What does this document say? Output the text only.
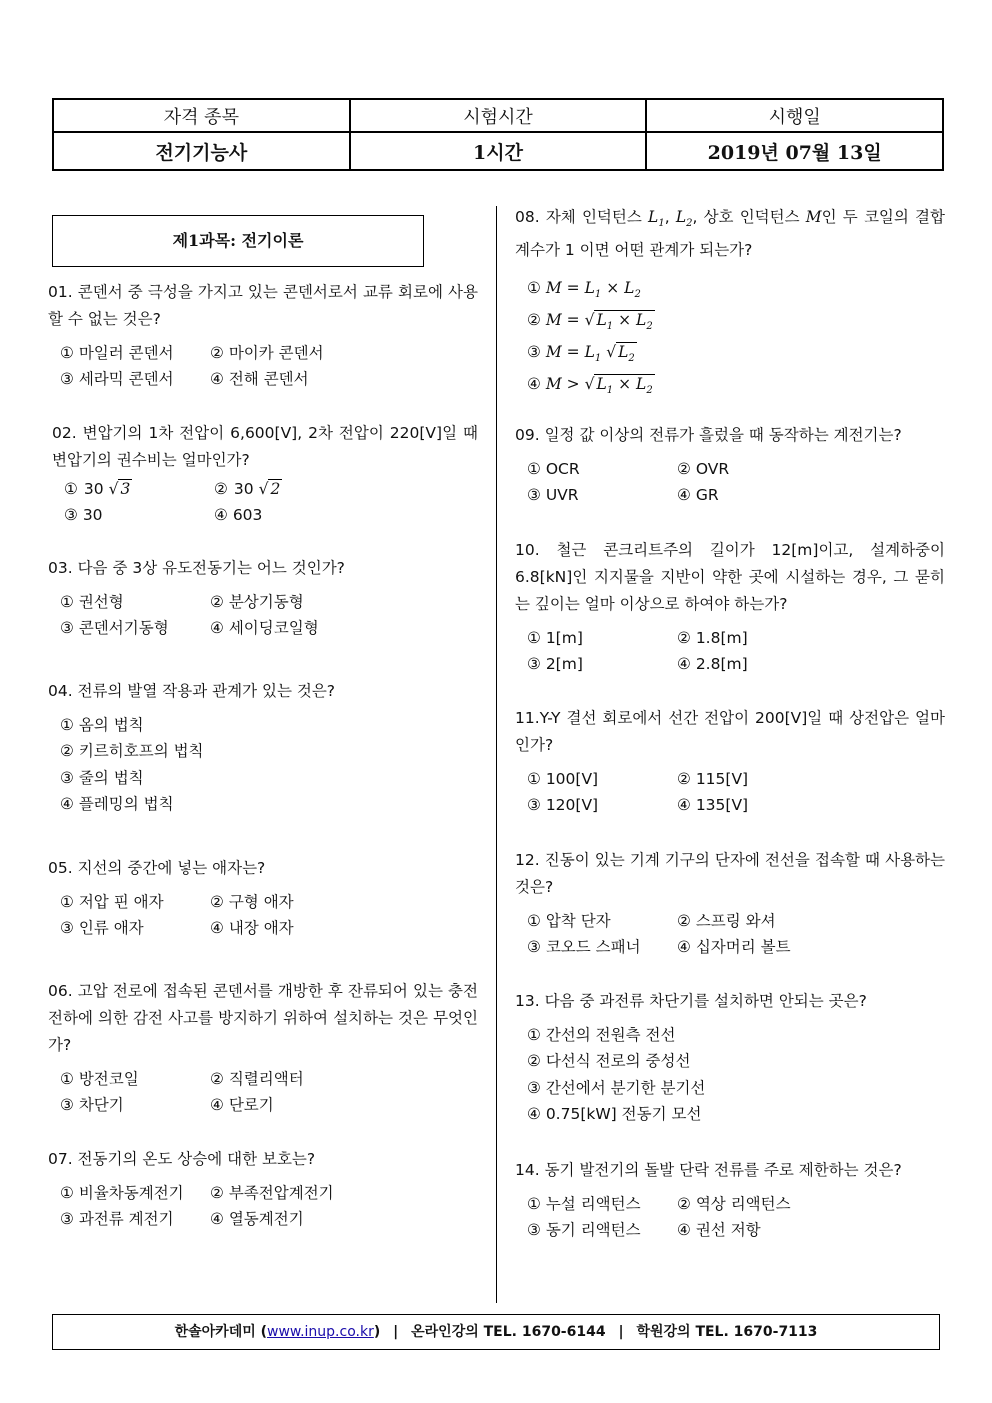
자격 종목	시험시간	시행일
전기기능사	1시간	2019년 07월 13일
제1과목: 전기이론
01. 콘덴서 중 극성을 가지고 있는 콘덴서로서 교류 회로에 사용할 수 없는 것은?
① 마일러 콘덴서	② 마이카 콘덴서
③ 세라믹 콘덴서	④ 전해 콘덴서
02. 변압기의 1차 전압이 6,600[V], 2차 전압이 220[V]일 때 변압기의 권수비는 얼마인가?
① 30 √ 3	② 30 √ 2
③ 30	④ 603
03. 다음 중 3상 유도전동기는 어느 것인가?
① 권선형	② 분상기동형
③ 콘덴서기동형	④ 세이딩코일형
04. 전류의 발열 작용과 관계가 있는 것은?
① 옴의 법칙
② 키르히호프의 법칙
③ 줄의 법칙
④ 플레밍의 법칙
05. 지선의 중간에 넣는 애자는?
① 저압 핀 애자	② 구형 애자
③ 인류 애자	④ 내장 애자
06. 고압 전로에 접속된 콘덴서를 개방한 후 잔류되어 있는 충전전하에 의한 감전 사고를 방지하기 위하여 설치하는 것은 무엇인가?
① 방전코일	② 직렬리액터
③ 차단기	④ 단로기
07. 전동기의 온도 상승에 대한 보호는?
① 비율차동계전기	② 부족전압계전기
③ 과전류 계전기	④ 열동계전기
08. 자체 인덕턴스 $L_1$, $L_2$, 상호 인덕턴스 M인 두 코일의 결합 계수가 1 이면 어떤 관계가 되는가?
① $M = L_1 \times L_2$
② M = √ $L_1 \times L_2$
③ $M = L_1$ √ $L_2$
④ M > √ $L_1 \times L_2$
09. 일정 값 이상의 전류가 흘렀을 때 동작하는 계전기는?
① OCR	② OVR
③ UVR	④ GR
10. 철근 콘크리트주의 길이가 12[m]이고, 설계하중이 6.8[kN]인 지지물을 지반이 약한 곳에 시설하는 경우, 그 묻히는 깊이는 얼마 이상으로 하여야 하는가?
① 1[m]	② 1.8[m]
③ 2[m]	④ 2.8[m]
11.Y-Y 결선 회로에서 선간 전압이 200[V]일 때 상전압은 얼마인가?
① 100[V]	② 115[V]
③ 120[V]	④ 135[V]
12. 진동이 있는 기계 기구의 단자에 전선을 접속할 때 사용하는 것은?
① 압착 단자	② 스프링 와셔
③ 코오드 스패너	④ 십자머리 볼트
13. 다음 중 과전류 차단기를 설치하면 안되는 곳은?
① 간선의 전원측 전선
② 다선식 전로의 중성선
③ 간선에서 분기한 분기선
④ 0.75[kW] 전동기 모선
14. 동기 발전기의 돌발 단락 전류를 주로 제한하는 것은?
① 누설 리액턴스	② 역상 리액턴스
③ 동기 리액턴스	④ 권선 저항
한솔아카데미 (www.inup.co.kr) | 온라인강의 TEL. 1670-6144 | 학원강의 TEL. 1670-7113
